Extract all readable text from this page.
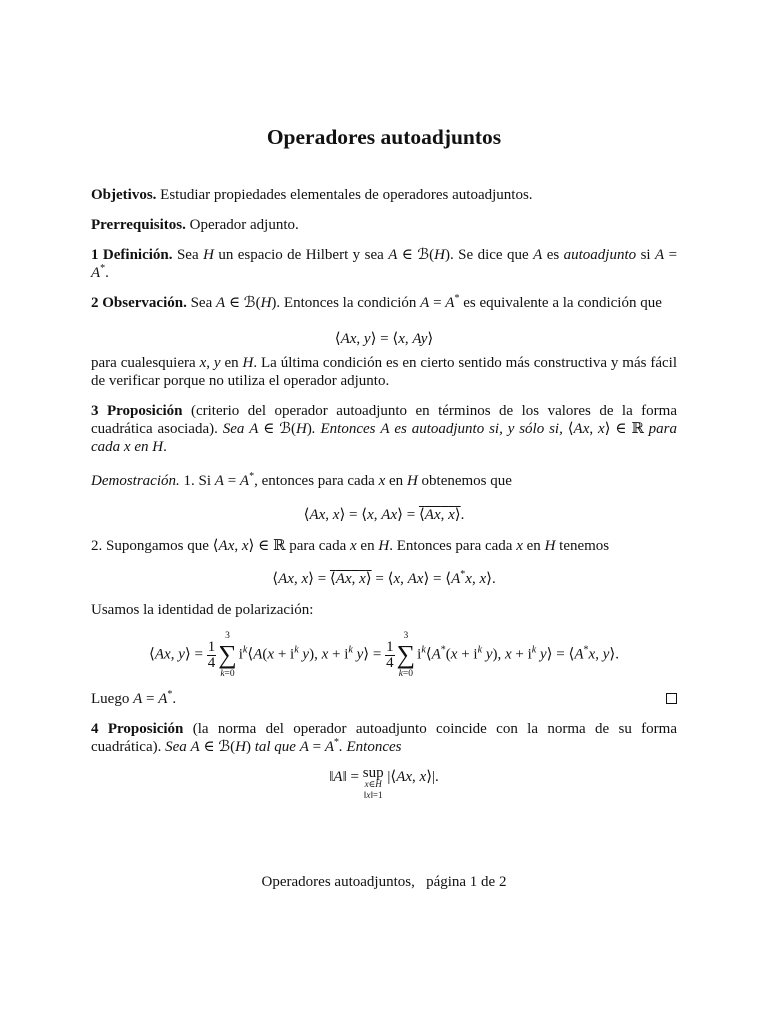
Operadores autoadjuntos
Objetivos. Estudiar propiedades elementales de operadores autoadjuntos.
Prerrequisitos. Operador adjunto.
1 Definición. Sea H un espacio de Hilbert y sea A ∈ ℬ(H). Se dice que A es autoadjunto si A = A*.
2 Observación. Sea A ∈ ℬ(H). Entonces la condición A = A* es equivalente a la condición que
⟨Ax, y⟩ = ⟨x, Ay⟩
para cualesquiera x, y en H. La última condición es en cierto sentido más constructiva y más fácil de verificar porque no utiliza el operador adjunto.
3 Proposición (criterio del operador autoadjunto en términos de los valores de la forma cuadrática asociada). Sea A ∈ ℬ(H). Entonces A es autoadjunto si, y sólo si, ⟨Ax, x⟩ ∈ ℝ para cada x en H.
Demostración. 1. Si A = A*, entonces para cada x en H obtenemos que
⟨Ax, x⟩ = ⟨x, Ax⟩ = ⟨Ax, x⟩.
2. Supongamos que ⟨Ax, x⟩ ∈ ℝ para cada x en H. Entonces para cada x en H tenemos
⟨Ax, x⟩ = ⟨Ax, x⟩ = ⟨x, Ax⟩ = ⟨A*x, x⟩.
Usamos la identidad de polarización:
⟨Ax, y⟩ = $\frac{1}{4}$
3
∑
k=0
$i^k⟨A(x + i^k$ y), $x + i^k$ y⟩ = $\frac{1}{4}$
3
∑
k=0
$i^k⟨A^*(x + i^k$ y), $x + i^k$ y⟩ = ⟨A*x, y⟩.
Luego A = A*.
4 Proposición (la norma del operador autoadjunto coincide con la norma de su forma cuadrática). Sea A ∈ ℬ(H) tal que A = A*. Entonces
‖A‖ = sup
x∈H
‖x‖=1
|⟨Ax, x⟩|.
Operadores autoadjuntos, página 1 de 2
